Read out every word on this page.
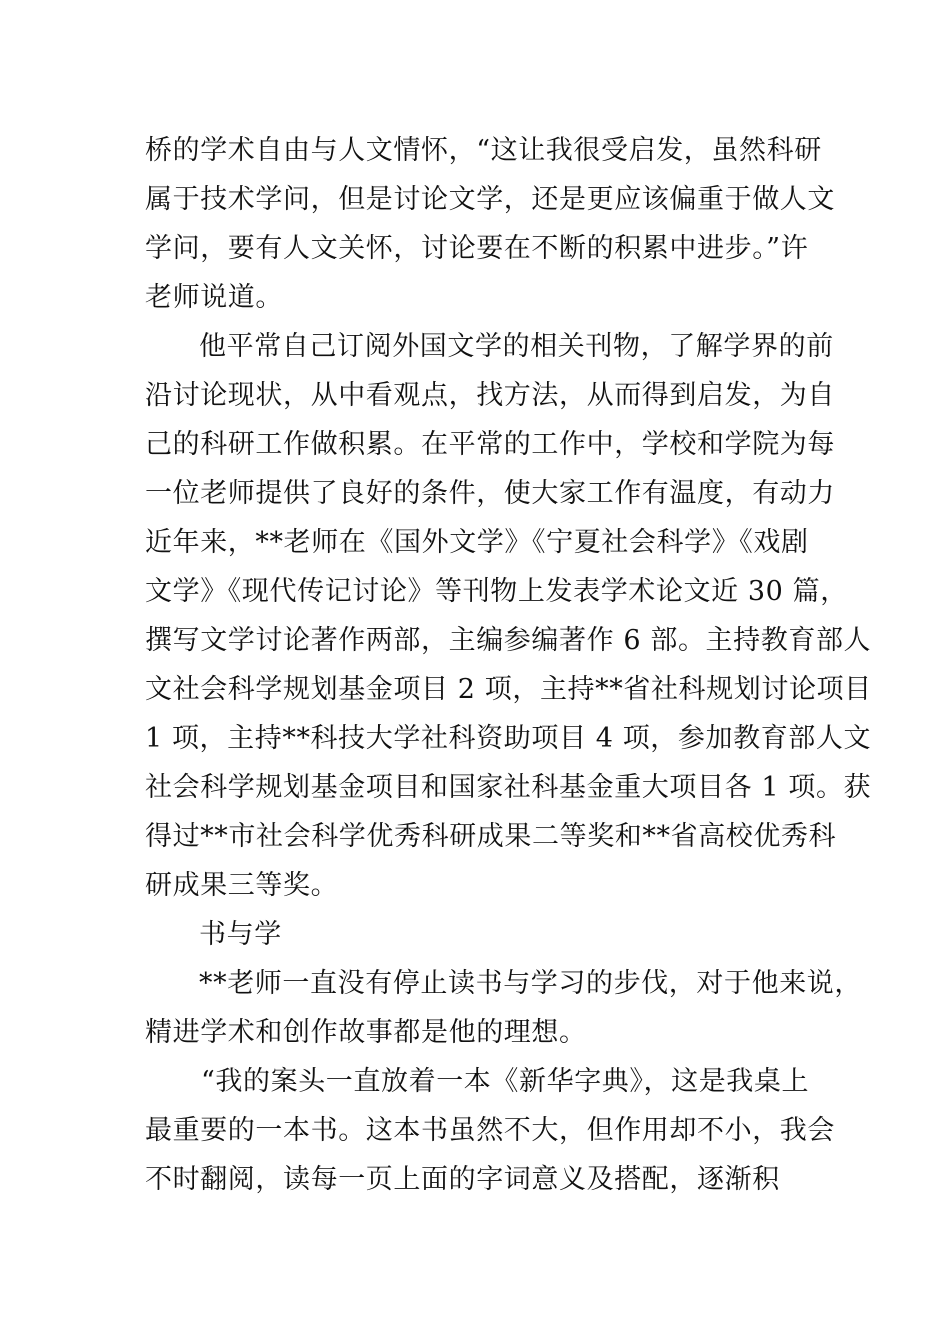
桥的学术自由与人文情怀，“这让我很受启发，虽然科研
属于技术学问，但是讨论文学，还是更应该偏重于做人文
学问，要有人文关怀，讨论要在不断的积累中进步。”许
老师说道。
他平常自己订阅外国文学的相关刊物，了解学界的前
沿讨论现状，从中看观点，找方法，从而得到启发，为自
己的科研工作做积累。在平常的工作中，学校和学院为每
一位老师提供了良好的条件，使大家工作有温度，有动力
近年来，**老师在《国外文学》《宁夏社会科学》《戏剧
文学》《现代传记讨论》等刊物上发表学术论文近 30 篇，
撰写文学讨论著作两部，主编参编著作 6 部。主持教育部人
文社会科学规划基金项目 2 项，主持**省社科规划讨论项目
1 项，主持**科技大学社科资助项目 4 项，参加教育部人文
社会科学规划基金项目和国家社科基金重大项目各 1 项。获
得过**市社会科学优秀科研成果二等奖和**省高校优秀科
研成果三等奖。
书与学
**老师一直没有停止读书与学习的步伐，对于他来说，
精进学术和创作故事都是他的理想。
“我的案头一直放着一本《新华字典》，这是我桌上
最重要的一本书。这本书虽然不大，但作用却不小，我会
不时翻阅，读每一页上面的字词意义及搭配，逐渐积
